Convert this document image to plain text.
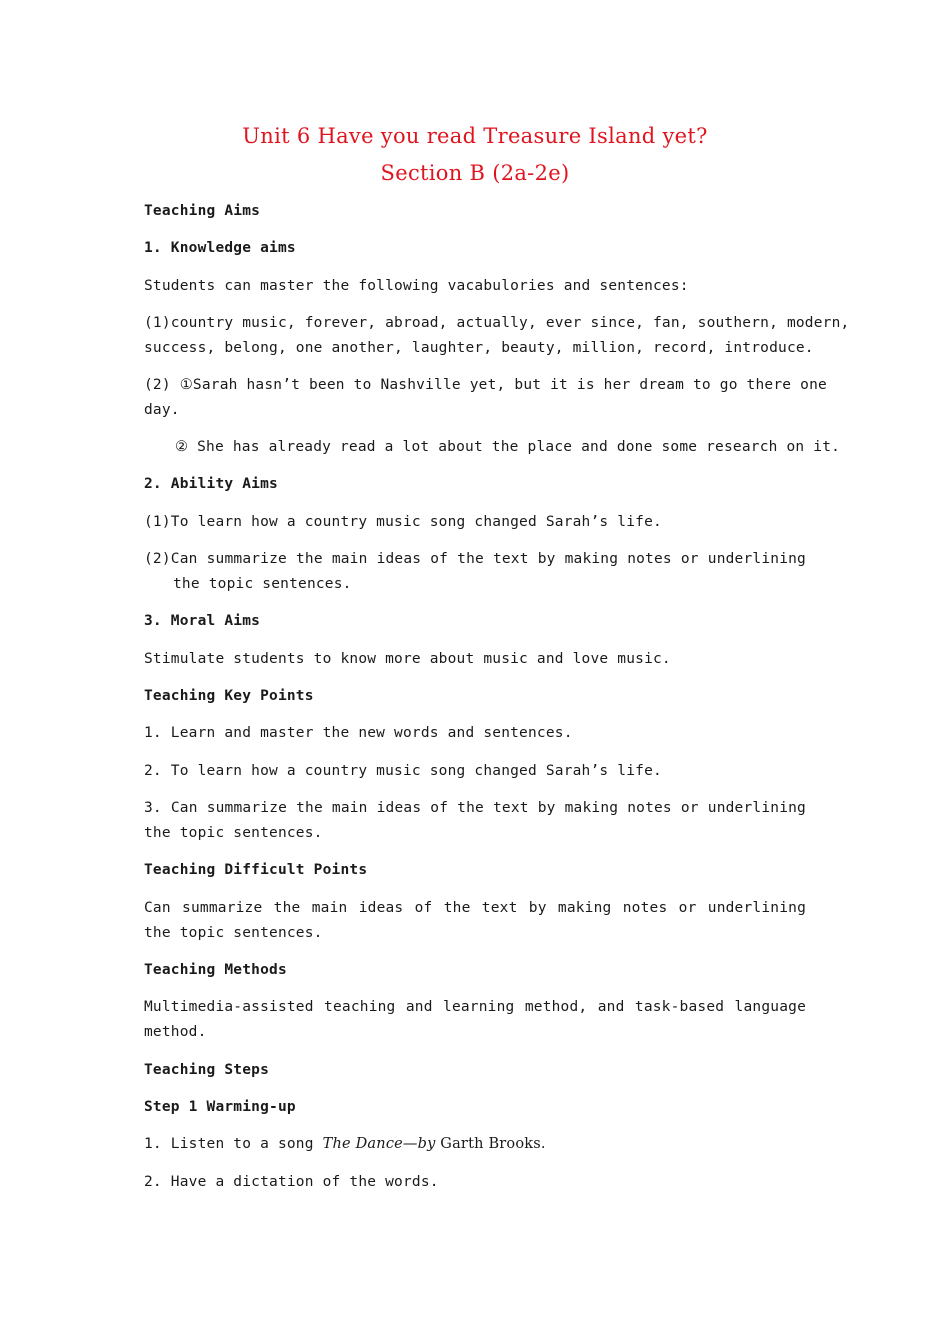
Unit 6 Have you read Treasure Island yet?
Section B (2a-2e)
Teaching Aims
1. Knowledge aims
Students can master the following vacabulories and sentences:
(1)country music, forever, abroad, actually, ever since, fan, southern, modern,
success, belong, one another, laughter, beauty, million, record, introduce.
(2) ①Sarah hasn’t been to Nashville yet, but it is her dream to go there one
day.
② She has already read a lot about the place and done some research on it.
2. Ability Aims
(1)To learn how a country music song changed Sarah’s life.
(2)Can summarize the main ideas of the text by making notes or underlining the topic sentences.
3. Moral Aims
Stimulate students to know more about music and love music.
Teaching Key Points
1. Learn and master the new words and sentences.
2. To learn how a country music song changed Sarah’s life.
3. Can summarize the main ideas of the text by making notes or underlining the topic sentences.
Teaching Difficult Points
Can summarize the main ideas of the text by making notes or underlining the topic sentences.
Teaching Methods
Multimedia-assisted teaching and learning method, and task-based language method.
Teaching Steps
Step 1 Warming-up
1. Listen to a song The Dance—by Garth Brooks.
2. Have a dictation of the words.
